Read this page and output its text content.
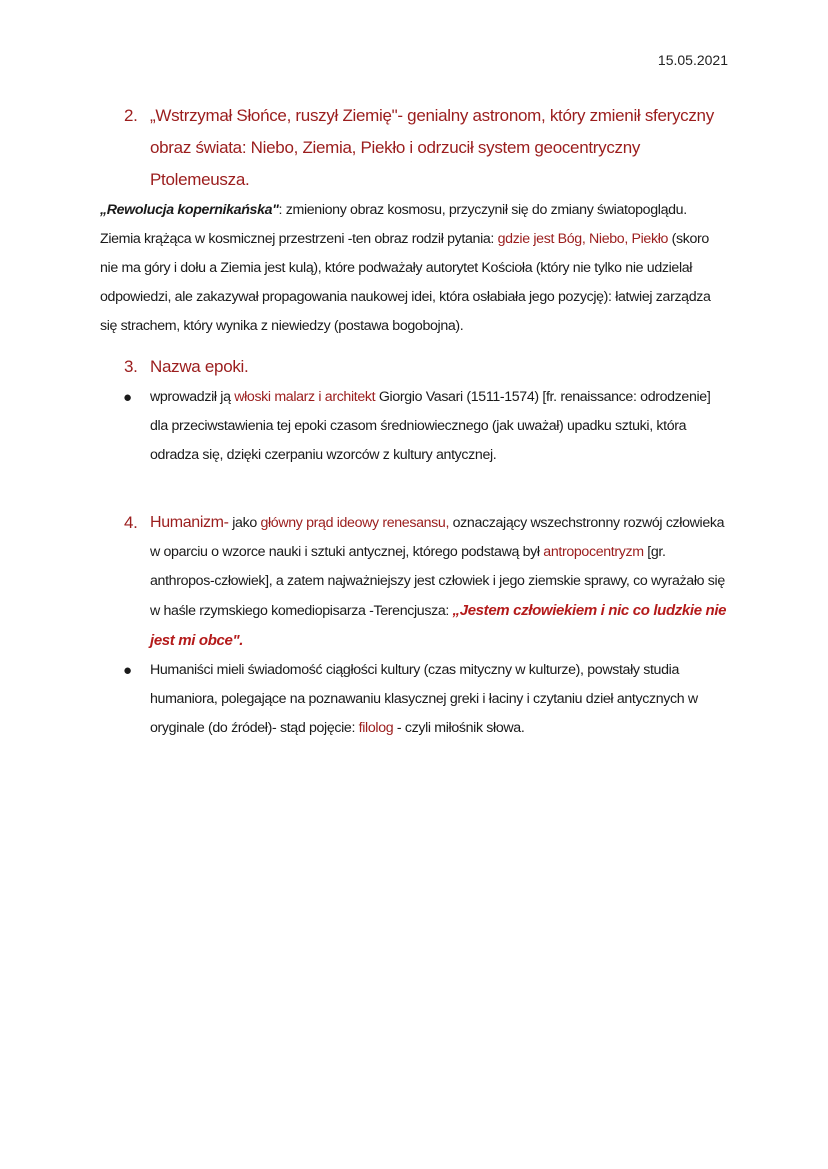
15.05.2021
2. „Wstrzymał Słońce, ruszył Ziemię"- genialny astronom, który zmienił sferyczny obraz świata: Niebo, Ziemia, Piekło i odrzucił system geocentryczny Ptolemeusza.
„Rewolucja kopernikańska": zmieniony obraz kosmosu, przyczynił się do zmiany światopoglądu. Ziemia krążąca w kosmicznej przestrzeni -ten obraz rodził pytania: gdzie jest Bóg, Niebo, Piekło (skoro nie ma góry i dołu a Ziemia jest kulą), które podważały autorytet Kościoła (który nie tylko nie udzielał odpowiedzi, ale zakazywał propagowania naukowej idei, która osłabiała jego pozycję): łatwiej zarządza się strachem, który wynika z niewiedzy (postawa bogobojna).
3. Nazwa epoki.
● wprowadził ją włoski malarz i architekt Giorgio Vasari (1511-1574) [fr. renaissance: odrodzenie] dla przeciwstawienia tej epoki czasom średniowiecznego (jak uważał) upadku sztuki, która odradza się, dzięki czerpaniu wzorców z kultury antycznej.
4. Humanizm- jako główny prąd ideowy renesansu, oznaczający wszechstronny rozwój człowieka w oparciu o wzorce nauki i sztuki antycznej, którego podstawą był antropocentryzm [gr. anthropos-człowiek], a zatem najważniejszy jest człowiek i jego ziemskie sprawy, co wyrażało się w haśle rzymskiego komediopisarza -Terencjusza: „Jestem człowiekiem i nic co ludzkie nie jest mi obce".
● Humaniści mieli świadomość ciągłości kultury (czas mityczny w kulturze), powstały studia humaniora, polegające na poznawaniu klasycznej greki i łaciny i czytaniu dzieł antycznych w oryginale (do źródeł)- stąd pojęcie: filolog - czyli miłośnik słowa.
